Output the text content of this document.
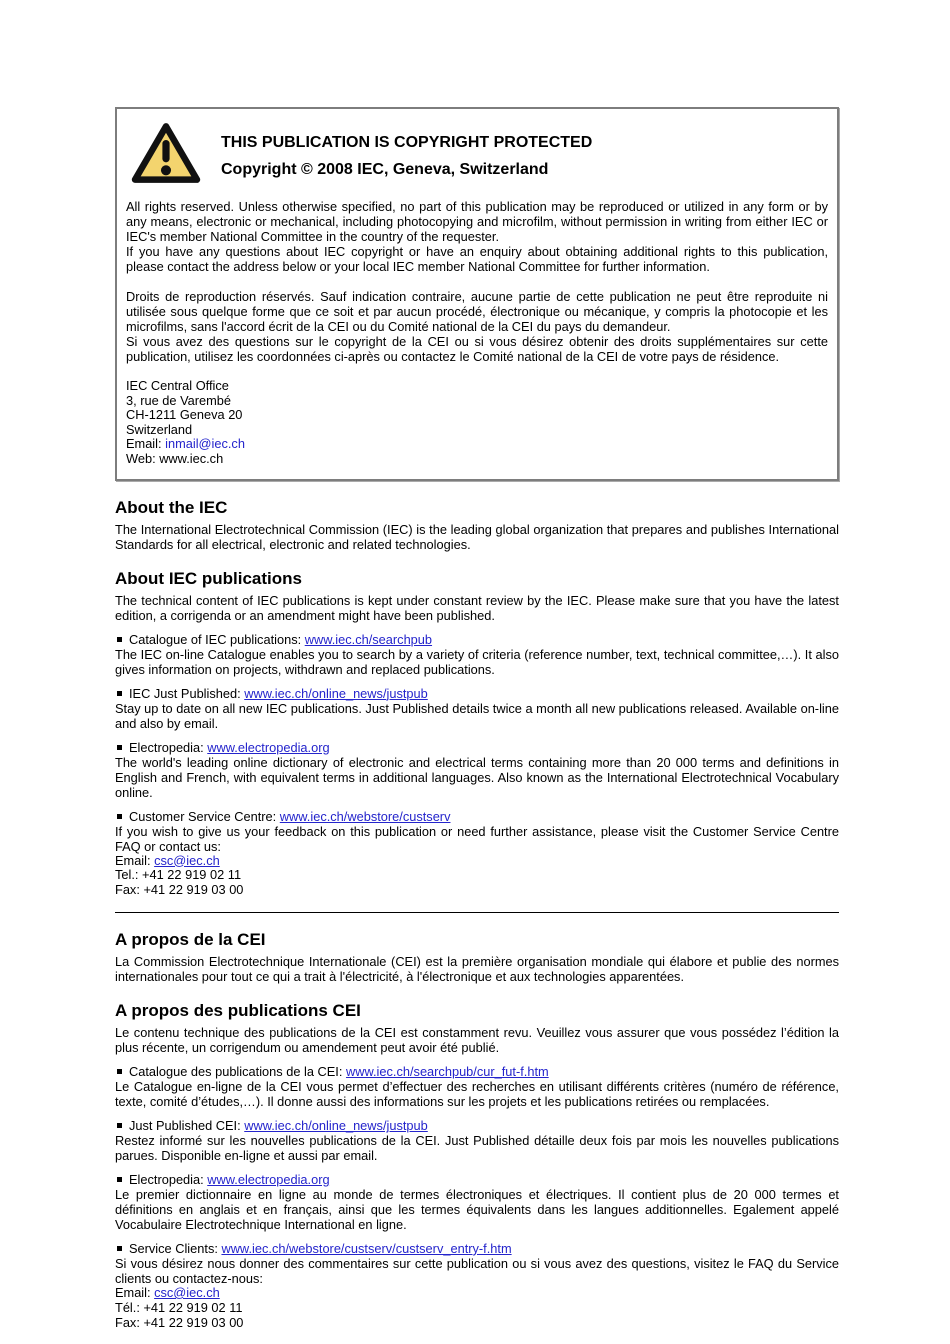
THIS PUBLICATION IS COPYRIGHT PROTECTED
Copyright © 2008 IEC, Geneva, Switzerland

All rights reserved. Unless otherwise specified, no part of this publication may be reproduced or utilized in any form or by any means, electronic or mechanical, including photocopying and microfilm, without permission in writing from either IEC or IEC's member National Committee in the country of the requester.

If you have any questions about IEC copyright or have an enquiry about obtaining additional rights to this publication, please contact the address below or your local IEC member National Committee for further information.

Droits de reproduction réservés. Sauf indication contraire, aucune partie de cette publication ne peut être reproduite ni utilisée sous quelque forme que ce soit et par aucun procédé, électronique ou mécanique, y compris la photocopie et les microfilms, sans l'accord écrit de la CEI ou du Comité national de la CEI du pays du demandeur.

Si vous avez des questions sur le copyright de la CEI ou si vous désirez obtenir des droits supplémentaires sur cette publication, utilisez les coordonnées ci-après ou contactez le Comité national de la CEI de votre pays de résidence.

IEC Central Office
3, rue de Varembé
CH-1211 Geneva 20
Switzerland
Email: inmail@iec.ch
Web: www.iec.ch
About the IEC

The International Electrotechnical Commission (IEC) is the leading global organization that prepares and publishes International Standards for all electrical, electronic and related technologies.

About IEC publications

The technical content of IEC publications is kept under constant review by the IEC. Please make sure that you have the latest edition, a corrigenda or an amendment might have been published.

Catalogue of IEC publications: www.iec.ch/searchpub

The IEC on-line Catalogue enables you to search by a variety of criteria (reference number, text, technical committee,…). It also gives information on projects, withdrawn and replaced publications.

IEC Just Published: www.iec.ch/online_news/justpub

Stay up to date on all new IEC publications. Just Published details twice a month all new publications released. Available on-line and also by email.

Electropedia: www.electropedia.org

The world's leading online dictionary of electronic and electrical terms containing more than 20 000 terms and definitions in English and French, with equivalent terms in additional languages. Also known as the International Electrotechnical Vocabulary online.

Customer Service Centre: www.iec.ch/webstore/custserv

If you wish to give us your feedback on this publication or need further assistance, please visit the Customer Service Centre FAQ or contact us:

Email: csc@iec.ch
Tel.: +41 22 919 02 11
Fax: +41 22 919 03 00
A propos de la CEI

La Commission Electrotechnique Internationale (CEI) est la première organisation mondiale qui élabore et publie des normes internationales pour tout ce qui a trait à l'électricité, à l'électronique et aux technologies apparentées.

A propos des publications CEI

Le contenu technique des publications de la CEI est constamment revu. Veuillez vous assurer que vous possédez l’édition la plus récente, un corrigendum ou amendement peut avoir été publié.

Catalogue des publications de la CEI: www.iec.ch/searchpub/cur_fut-f.htm

Le Catalogue en-ligne de la CEI vous permet d’effectuer des recherches en utilisant différents critères (numéro de référence, texte, comité d’études,…). Il donne aussi des informations sur les projets et les publications retirées ou remplacées.

Just Published CEI: www.iec.ch/online_news/justpub

Restez informé sur les nouvelles publications de la CEI. Just Published détaille deux fois par mois les nouvelles publications parues. Disponible en-ligne et aussi par email.

Electropedia: www.electropedia.org

Le premier dictionnaire en ligne au monde de termes électroniques et électriques. Il contient plus de 20 000 termes et définitions en anglais et en français, ainsi que les termes équivalents dans les langues additionnelles. Egalement appelé Vocabulaire Electrotechnique International en ligne.

Service Clients: www.iec.ch/webstore/custserv/custserv_entry-f.htm

Si vous désirez nous donner des commentaires sur cette publication ou si vous avez des questions, visitez le FAQ du Service clients ou contactez-nous:

Email: csc@iec.ch
Tél.: +41 22 919 02 11
Fax: +41 22 919 03 00
